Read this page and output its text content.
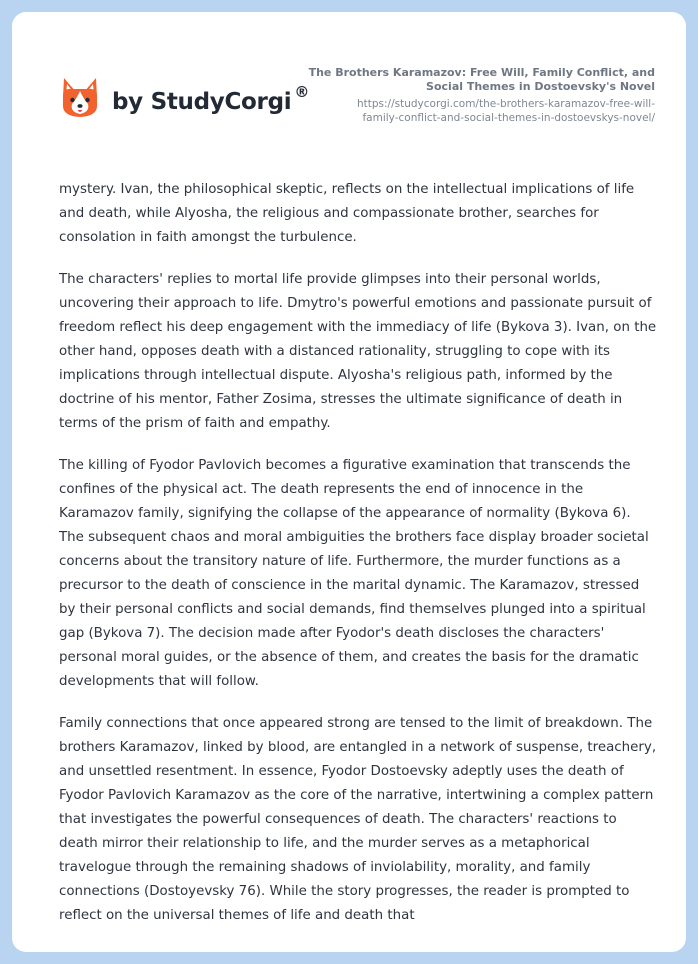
by StudyCorgi ®
The Brothers Karamazov: Free Will, Family Conflict, and
Social Themes in Dostoevsky's Novel
https://studycorgi.com/the-brothers-karamazov-free-will-
family-conflict-and-social-themes-in-dostoevskys-novel/

mystery. Ivan, the philosophical skeptic, reflects on the intellectual implications of life and death, while Alyosha, the religious and compassionate brother, searches for consolation in faith amongst the turbulence.

The characters' replies to mortal life provide glimpses into their personal worlds, uncovering their approach to life. Dmytro's powerful emotions and passionate pursuit of freedom reflect his deep engagement with the immediacy of life (Bykova 3). Ivan, on the other hand, opposes death with a distanced rationality, struggling to cope with its implications through intellectual dispute. Alyosha's religious path, informed by the doctrine of his mentor, Father Zosima, stresses the ultimate significance of death in terms of the prism of faith and empathy.

The killing of Fyodor Pavlovich becomes a figurative examination that transcends the confines of the physical act. The death represents the end of innocence in the Karamazov family, signifying the collapse of the appearance of normality (Bykova 6). The subsequent chaos and moral ambiguities the brothers face display broader societal concerns about the transitory nature of life. Furthermore, the murder functions as a precursor to the death of conscience in the marital dynamic. The Karamazov, stressed by their personal conflicts and social demands, find themselves plunged into a spiritual gap (Bykova 7). The decision made after Fyodor's death discloses the characters' personal moral guides, or the absence of them, and creates the basis for the dramatic developments that will follow.

Family connections that once appeared strong are tensed to the limit of breakdown. The brothers Karamazov, linked by blood, are entangled in a network of suspense, treachery, and unsettled resentment. In essence, Fyodor Dostoevsky adeptly uses the death of Fyodor Pavlovich Karamazov as the core of the narrative, intertwining a complex pattern that investigates the powerful consequences of death. The characters' reactions to death mirror their relationship to life, and the murder serves as a metaphorical travelogue through the remaining shadows of inviolability, morality, and family connections (Dostoyevsky 76). While the story progresses, the reader is prompted to reflect on the universal themes of life and death that
